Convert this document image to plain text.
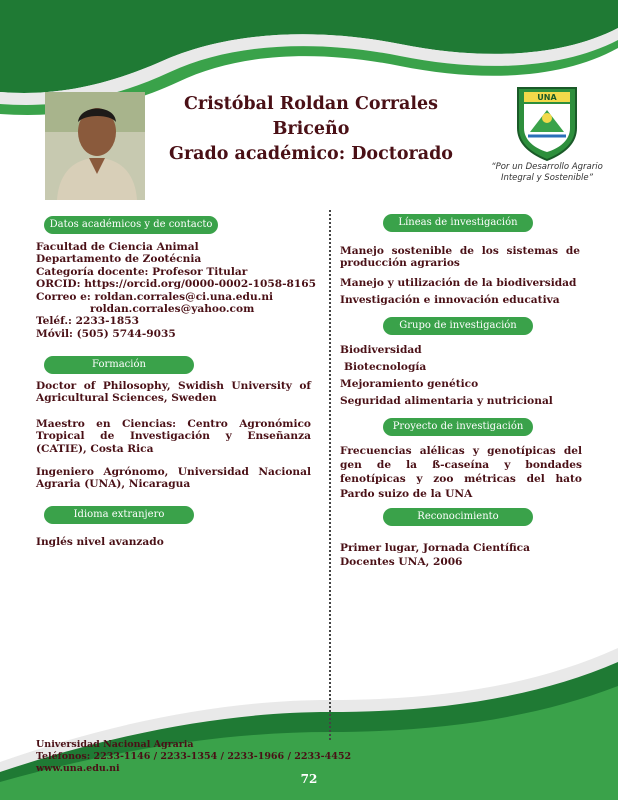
Cristóbal Roldan Corrales Briceño
Grado académico: Doctorado
UNA
“Por un Desarrollo Agrario
Integral y Sostenible”
Datos académicos y de contacto
Facultad de Ciencia Animal
Departamento de Zootécnia
Categoría docente: Profesor Titular
ORCID: https://orcid.org/0000-0002-1058-8165
Correo e: roldan.corrales@ci.una.edu.ni
roldan.corrales@yahoo.com
Teléf.: 2233-1853
Móvil: (505) 5744-9035
Formación
Doctor of Philosophy, Swidish University of Agricultural Sciences, Sweden
Maestro en Ciencias: Centro Agronómico Tropical de Investigación y Enseñanza (CATIE), Costa Rica
Ingeniero Agrónomo, Universidad Nacional Agraria (UNA), Nicaragua
Idioma extranjero
Inglés nivel avanzado
Líneas de investigación
Manejo sostenible de los sistemas de producción agrarios
Manejo y utilización de la biodiversidad
Investigación e innovación educativa
Grupo de investigación
Biodiversidad
Biotecnología
Mejoramiento genético
Seguridad alimentaria y nutricional
Proyecto de investigación
Frecuencias alélicas y genotípicas del gen de la ß-caseína y bondades fenotípicas y zoo métricas del hato Pardo suizo de la UNA
Reconocimiento
Primer lugar, Jornada Científica Docentes UNA, 2006
Universidad Nacional Agraria
Teléfonos: 2233-1146 / 2233-1354 / 2233-1966 / 2233-4452
www.una.edu.ni
72
